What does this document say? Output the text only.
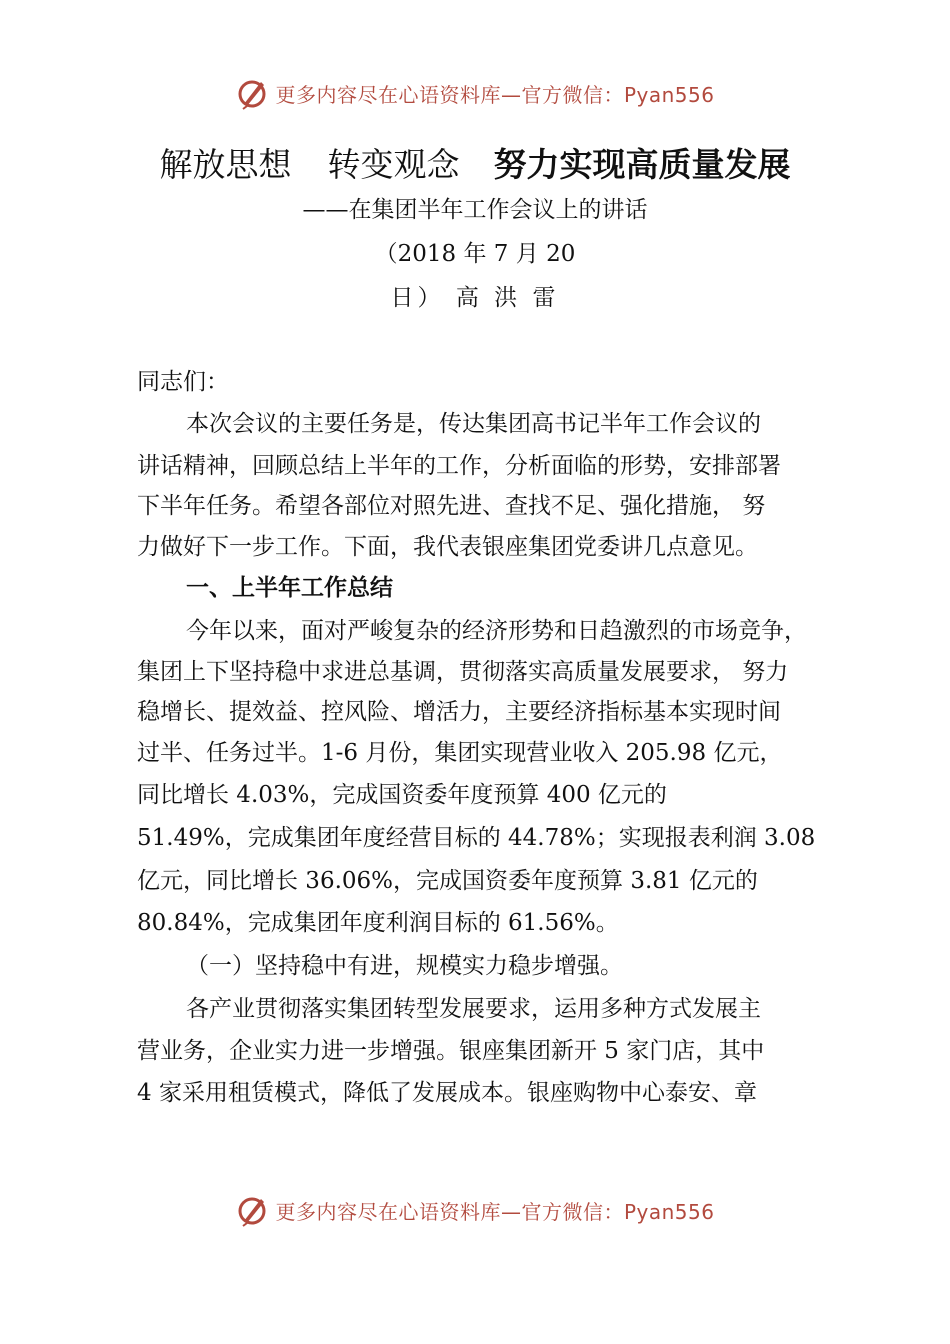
更多内容尽在心语资料库—官方微信：Pyan556
解放思想 转变观念 努力实现高质量发展
——在集团半年工作会议上的讲话
（2018 年 7 月 20
日） 高 洪 雷
同志们：
本次会议的主要任务是，传达集团高书记半年工作会议的
讲话精神，回顾总结上半年的工作，分析面临的形势，安排部署
下半年任务。希望各部位对照先进、查找不足、强化措施， 努
力做好下一步工作。下面，我代表银座集团党委讲几点意见。
一、上半年工作总结
今年以来，面对严峻复杂的经济形势和日趋激烈的市场竞争，
集团上下坚持稳中求进总基调，贯彻落实高质量发展要求， 努力
稳增长、提效益、控风险、增活力，主要经济指标基本实现时间
过半、任务过半。1-6 月份，集团实现营业收入 205.98 亿元，
同比增长 4.03%，完成国资委年度预算 400 亿元的
51.49%，完成集团年度经营目标的 44.78%；实现报表利润 3.08
亿元，同比增长 36.06%，完成国资委年度预算 3.81 亿元的
80.84%，完成集团年度利润目标的 61.56%。
（一）坚持稳中有进，规模实力稳步增强。
各产业贯彻落实集团转型发展要求，运用多种方式发展主
营业务，企业实力进一步增强。银座集团新开 5 家门店，其中
4 家采用租赁模式，降低了发展成本。银座购物中心泰安、章
更多内容尽在心语资料库—官方微信：Pyan556
